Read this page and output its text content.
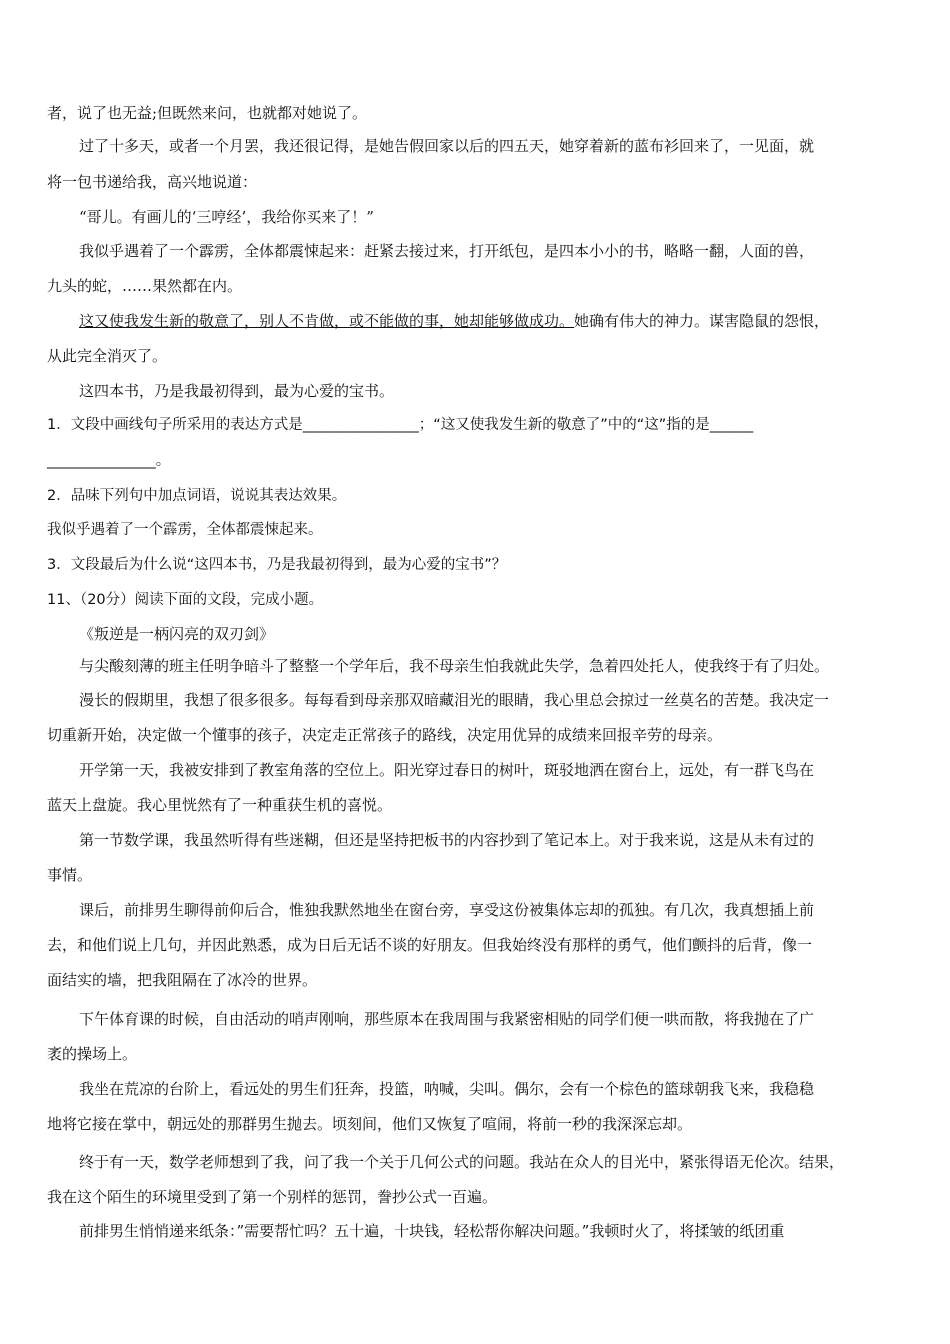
者，说了也无益;但既然来问，也就都对她说了。
过了十多天，或者一个月罢，我还很记得，是她告假回家以后的四五天，她穿着新的蓝布衫回来了，一见面，就
将一包书递给我，高兴地说道：
“哥儿。有画儿的‘三哼经’，我给你买来了！”
我似乎遇着了一个霹雳，全体都震悚起来：赶紧去接过来，打开纸包，是四本小小的书，略略一翻，人面的兽，
九头的蛇，……果然都在内。
这又使我发生新的敬意了，别人不肯做，或不能做的事，她却能够做成功。她确有伟大的神力。谋害隐鼠的怨恨，
从此完全消灭了。
这四本书，乃是我最初得到，最为心爱的宝书。
1．文段中画线句子所采用的表达方式是________________；“这又使我发生新的敬意了”中的“这”指的是______
_______________。
2．品味下列句中加点词语，说说其表达效果。
我似乎遇着了一个霹雳，全体都震悚起来。
3．文段最后为什么说“这四本书，乃是我最初得到，最为心爱的宝书”？
11、（20分）阅读下面的文段，完成小题。
《叛逆是一柄闪亮的双刃剑》
与尖酸刻薄的班主任明争暗斗了整整一个学年后，我不母亲生怕我就此失学，急着四处托人，使我终于有了归处。
漫长的假期里，我想了很多很多。每每看到母亲那双暗藏泪光的眼睛，我心里总会掠过一丝莫名的苦楚。我决定一
切重新开始，决定做一个懂事的孩子，决定走正常孩子的路线，决定用优异的成绩来回报辛劳的母亲。
开学第一天，我被安排到了教室角落的空位上。阳光穿过春日的树叶，斑驳地洒在窗台上，远处，有一群飞鸟在
蓝天上盘旋。我心里恍然有了一种重获生机的喜悦。
第一节数学课，我虽然听得有些迷糊，但还是坚持把板书的内容抄到了笔记本上。对于我来说，这是从未有过的
事情。
课后，前排男生聊得前仰后合，惟独我默然地坐在窗台旁，享受这份被集体忘却的孤独。有几次，我真想插上前
去，和他们说上几句，并因此熟悉，成为日后无话不谈的好朋友。但我始终没有那样的勇气，他们颤抖的后背，像一
面结实的墙，把我阻隔在了冰冷的世界。
下午体育课的时候，自由活动的哨声刚响，那些原本在我周围与我紧密相贴的同学们便一哄而散，将我抛在了广
袤的操场上。
我坐在荒凉的台阶上，看远处的男生们狂奔，投篮，呐喊，尖叫。偶尔，会有一个棕色的篮球朝我飞来，我稳稳
地将它接在掌中，朝远处的那群男生抛去。顷刻间，他们又恢复了喧闹，将前一秒的我深深忘却。
终于有一天，数学老师想到了我，问了我一个关于几何公式的问题。我站在众人的目光中，紧张得语无伦次。结果，
我在这个陌生的环境里受到了第一个别样的惩罚，誊抄公式一百遍。
前排男生悄悄递来纸条：”需要帮忙吗？五十遍，十块钱，轻松帮你解决问题。”我顿时火了，将揉皱的纸团重
